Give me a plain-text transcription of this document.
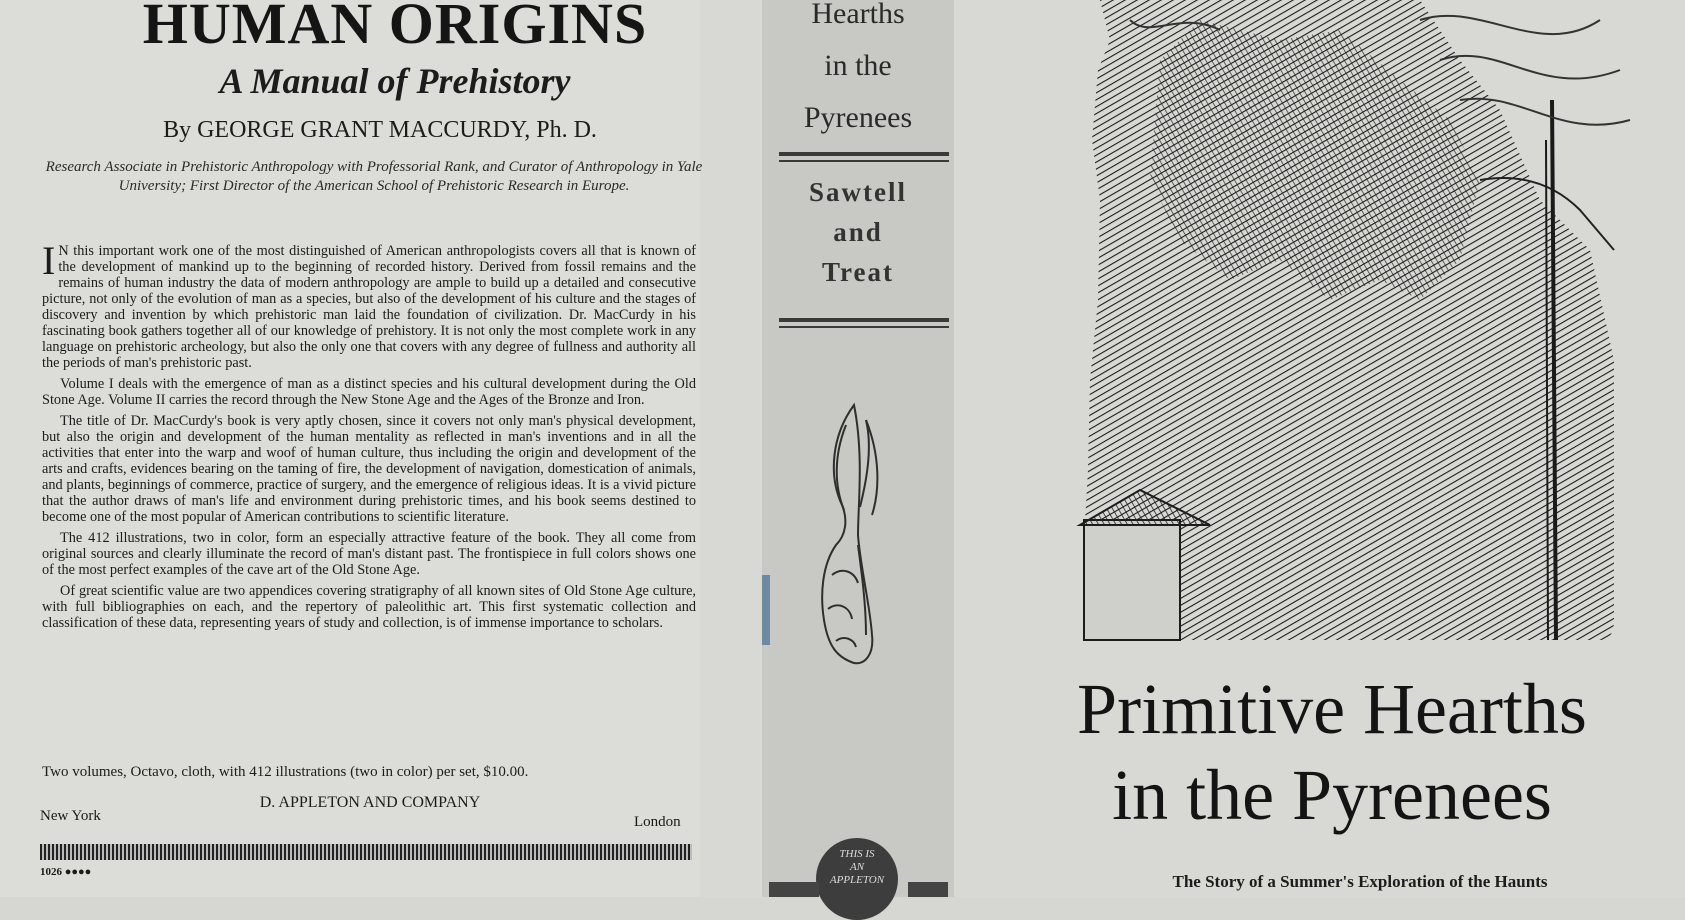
HUMAN ORIGINS
A Manual of Prehistory
By GEORGE GRANT MACCURDY, Ph. D.
Research Associate in Prehistoric Anthropology with Professorial Rank, and Curator of Anthropology in Yale University; First Director of the American School of Prehistoric Research in Europe.

I N this important work one of the most distinguished of American anthropologists covers all that is known of the development of mankind up to the beginning of recorded history. Derived from fossil remains and the remains of human industry the data of modern anthropology are ample to build up a detailed and consecutive picture, not only of the evolution of man as a species, but also of the development of his culture and the stages of discovery and invention by which prehistoric man laid the foundation of civilization. Dr. MacCurdy in his fascinating book gathers together all of our knowledge of prehistory. It is not only the most complete work in any language on prehistoric archeology, but also the only one that covers with any degree of fullness and authority all the periods of man's prehistoric past.

Volume I deals with the emergence of man as a distinct species and his cultural development during the Old Stone Age. Volume II carries the record through the New Stone Age and the Ages of the Bronze and Iron.

The title of Dr. MacCurdy's book is very aptly chosen, since it covers not only man's physical development, but also the origin and development of the human mentality as reflected in man's inventions and in all the activities that enter into the warp and woof of human culture, thus including the origin and development of the arts and crafts, evidences bearing on the taming of fire, the development of navigation, domestication of animals, and plants, beginnings of commerce, practice of surgery, and the emergence of religious ideas. It is a vivid picture that the author draws of man's life and environment during prehistoric times, and his book seems destined to become one of the most popular of American contributions to scientific literature.

The 412 illustrations, two in color, form an especially attractive feature of the book. They all come from original sources and clearly illuminate the record of man's distant past. The frontispiece in full colors shows one of the most perfect examples of the cave art of the Old Stone Age.

Of great scientific value are two appendices covering stratigraphy of all known sites of Old Stone Age culture, with full bibliographies on each, and the repertory of paleolithic art. This first systematic collection and classification of these data, representing years of study and collection, is of immense importance to scholars.

Two volumes, Octavo, cloth, with 412 illustrations (two in color) per set, $10.00.
D. APPLETON AND COMPANY
New York	London
1026 ●●●●
Hearths
in the
Pyrenees
Sawtell
and
Treat
THIS IS
AN
APPLETON
Primitive Hearths
in the Pyrenees
The Story of a Summer's Exploration of the Haunts
